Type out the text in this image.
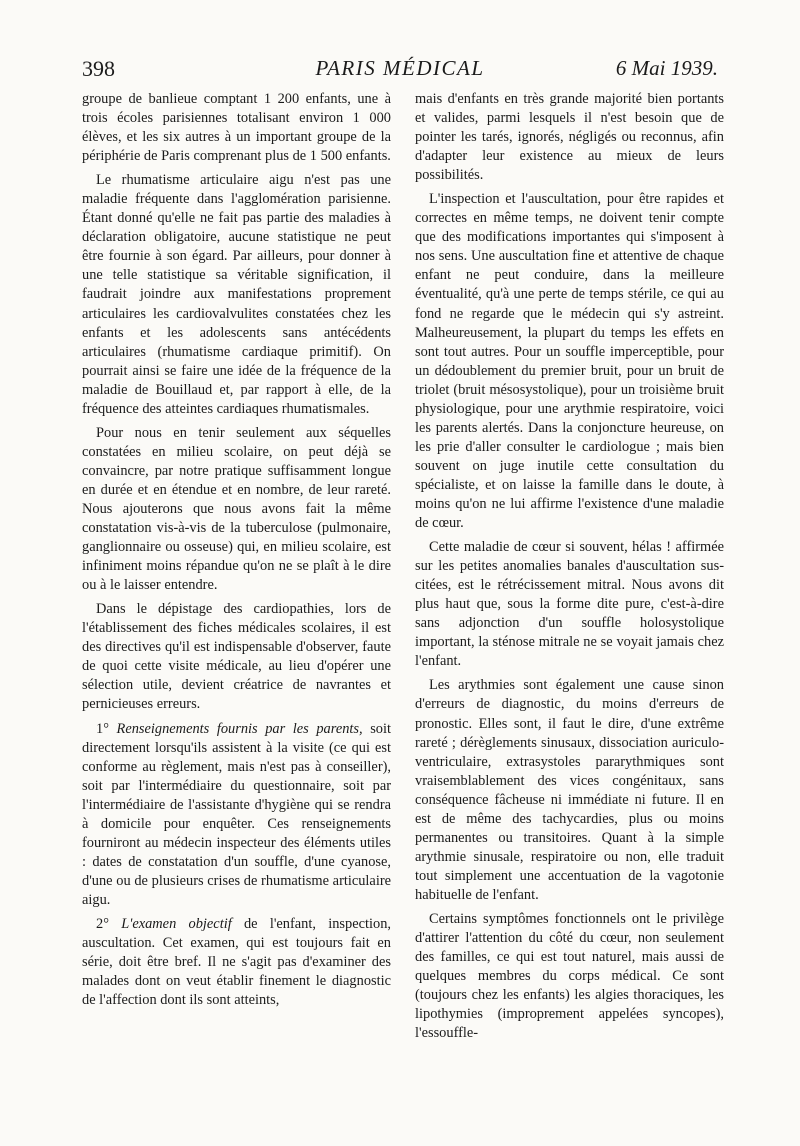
398	PARIS MÉDICAL	6 Mai 1939.

groupe de banlieue comptant 1 200 enfants, une à trois écoles parisiennes totalisant environ 1 000 élèves, et les six autres à un important groupe de la périphérie de Paris comprenant plus de 1 500 enfants.

Le rhumatisme articulaire aigu n'est pas une maladie fréquente dans l'agglomération parisienne. Étant donné qu'elle ne fait pas partie des maladies à déclaration obligatoire, aucune statistique ne peut être fournie à son égard. Par ailleurs, pour donner à une telle statistique sa véritable signification, il faudrait joindre aux manifestations proprement articulaires les cardiovalvulites constatées chez les enfants et les adolescents sans antécédents articulaires (rhumatisme cardiaque primitif). On pourrait ainsi se faire une idée de la fréquence de la maladie de Bouillaud et, par rapport à elle, de la fréquence des atteintes cardiaques rhumatismales.

Pour nous en tenir seulement aux séquelles constatées en milieu scolaire, on peut déjà se convaincre, par notre pratique suffisamment longue en durée et en étendue et en nombre, de leur rareté. Nous ajouterons que nous avons fait la même constatation vis-à-vis de la tuberculose (pulmonaire, ganglionnaire ou osseuse) qui, en milieu scolaire, est infiniment moins répandue qu'on ne se plaît à le dire ou à le laisser entendre.

Dans le dépistage des cardiopathies, lors de l'établissement des fiches médicales scolaires, il est des directives qu'il est indispensable d'observer, faute de quoi cette visite médicale, au lieu d'opérer une sélection utile, devient créatrice de navrantes et pernicieuses erreurs.

1° Renseignements fournis par les parents, soit directement lorsqu'ils assistent à la visite (ce qui est conforme au règlement, mais n'est pas à conseiller), soit par l'intermédiaire du questionnaire, soit par l'intermédiaire de l'assistante d'hygiène qui se rendra à domicile pour enquêter. Ces renseignements fourniront au médecin inspecteur des éléments utiles : dates de constatation d'un souffle, d'une cyanose, d'une ou de plusieurs crises de rhumatisme articulaire aigu.

2° L'examen objectif de l'enfant, inspection, auscultation. Cet examen, qui est toujours fait en série, doit être bref. Il ne s'agit pas d'examiner des malades dont on veut établir finement le diagnostic de l'affection dont ils sont atteints,

mais d'enfants en très grande majorité bien portants et valides, parmi lesquels il n'est besoin que de pointer les tarés, ignorés, négligés ou reconnus, afin d'adapter leur existence au mieux de leurs possibilités.

L'inspection et l'auscultation, pour être rapides et correctes en même temps, ne doivent tenir compte que des modifications importantes qui s'imposent à nos sens. Une auscultation fine et attentive de chaque enfant ne peut conduire, dans la meilleure éventualité, qu'à une perte de temps stérile, ce qui au fond ne regarde que le médecin qui s'y astreint. Malheureusement, la plupart du temps les effets en sont tout autres. Pour un souffle imperceptible, pour un dédoublement du premier bruit, pour un bruit de triolet (bruit mésosystolique), pour un troisième bruit physiologique, pour une arythmie respiratoire, voici les parents alertés. Dans la conjoncture heureuse, on les prie d'aller consulter le cardiologue ; mais bien souvent on juge inutile cette consultation du spécialiste, et on laisse la famille dans le doute, à moins qu'on ne lui affirme l'existence d'une maladie de cœur.

Cette maladie de cœur si souvent, hélas ! affirmée sur les petites anomalies banales d'auscultation sus-citées, est le rétrécissement mitral. Nous avons dit plus haut que, sous la forme dite pure, c'est-à-dire sans adjonction d'un souffle holosystolique important, la sténose mitrale ne se voyait jamais chez l'enfant.

Les arythmies sont également une cause sinon d'erreurs de diagnostic, du moins d'erreurs de pronostic. Elles sont, il faut le dire, d'une extrême rareté ; dérèglements sinusaux, dissociation auriculo-ventriculaire, extrasystoles pararythmiques sont vraisemblablement des vices congénitaux, sans conséquence fâcheuse ni immédiate ni future. Il en est de même des tachycardies, plus ou moins permanentes ou transitoires. Quant à la simple arythmie sinusale, respiratoire ou non, elle traduit tout simplement une accentuation de la vagotonie habituelle de l'enfant.

Certains symptômes fonctionnels ont le privilège d'attirer l'attention du côté du cœur, non seulement des familles, ce qui est tout naturel, mais aussi de quelques membres du corps médical. Ce sont (toujours chez les enfants) les algies thoraciques, les lipothymies (improprement appelées syncopes), l'essouffle-
